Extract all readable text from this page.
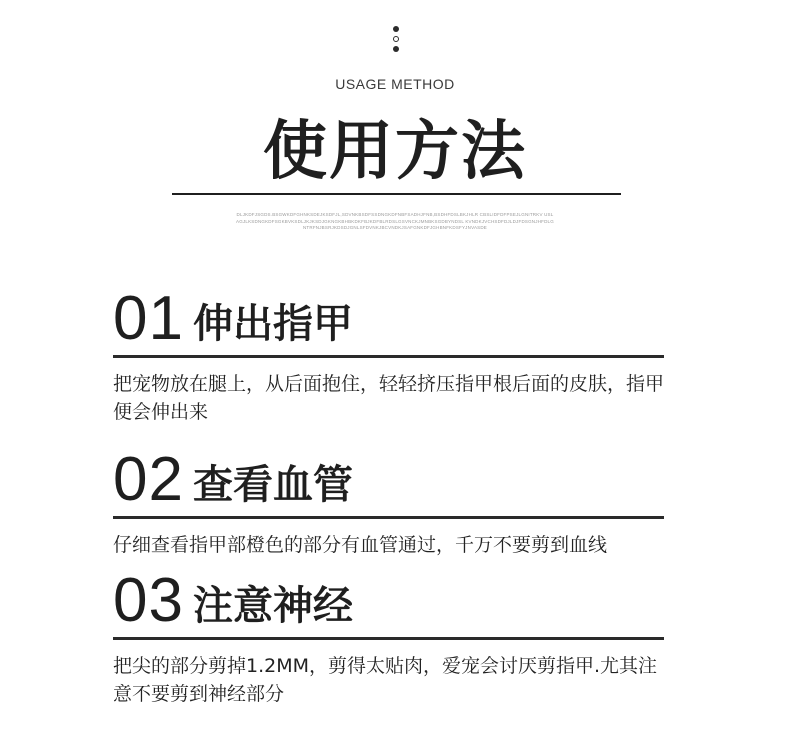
USAGE METHOD
使用方法
DLJKDFJSGDS.BSGWKDFGHNKSDEJKSDFJL,SDVNKBSDFSSDNGKDFNBFSADHJFNB,BSDHFDSLBKJHLR CBSLIDFDFPSEJLGNITRKV USLAGJLKSDNGKDFSGKBVKSDLJKJKSDJGKNGKBHBKDKFBJKDFBLRDSLGSVNCKJMNBKSGDBYNDSL KVNDKJVCHSDFDJLDJFDSGNJHFDLGNTRFNJBSRJKDSDJGNLSFDVNKJBCVNDKJSAFGNKDFJGHBNFKDSFYJNVASDE
01 伸出指甲
把宠物放在腿上，从后面抱住，轻轻挤压指甲根后面的皮肤，指甲便会伸出来
02 查看血管
仔细查看指甲部橙色的部分有血管通过，千万不要剪到血线
03 注意神经
把尖的部分剪掉1.2MM，剪得太贴肉，爱宠会讨厌剪指甲.尤其注意不要剪到神经部分
